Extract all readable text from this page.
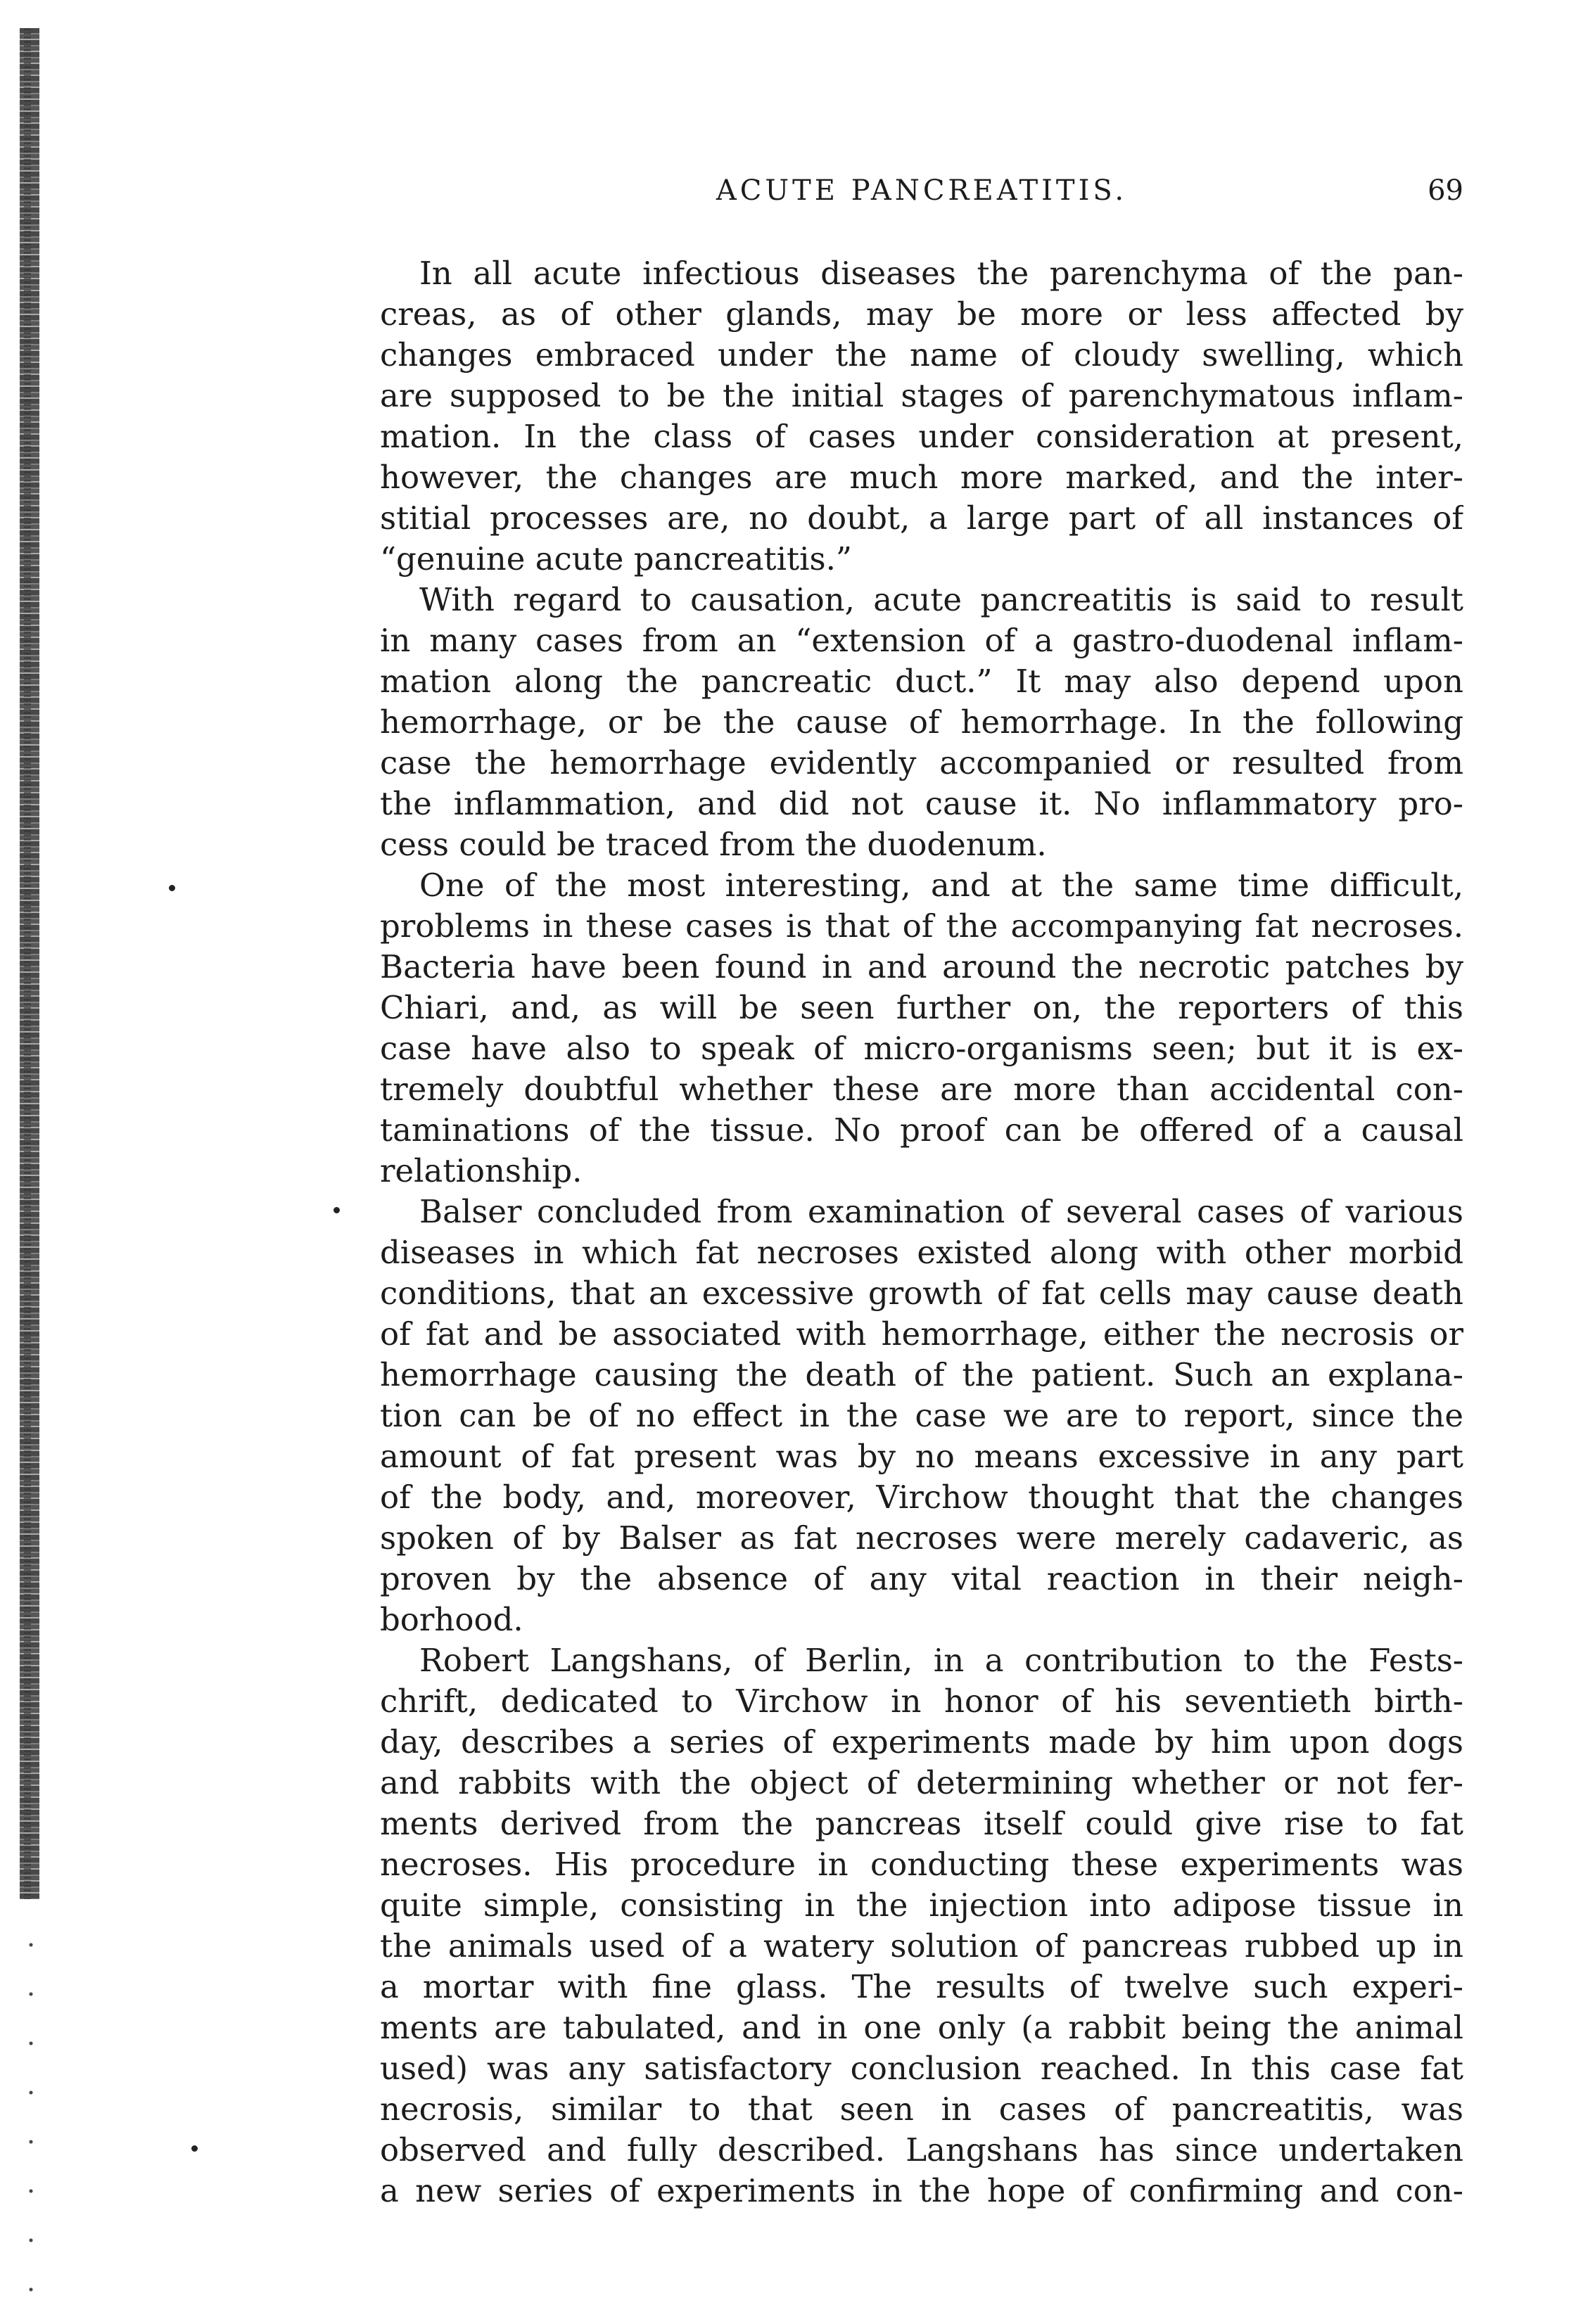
ACUTE PANCREATITIS.	69
In all acute infectious diseases the parenchyma of the pan-
creas, as of other glands, may be more or less affected by
changes embraced under the name of cloudy swelling, which
are supposed to be the initial stages of parenchymatous inflam-
mation. In the class of cases under consideration at present,
however, the changes are much more marked, and the inter-
stitial processes are, no doubt, a large part of all instances of
“genuine acute pancreatitis.”
With regard to causation, acute pancreatitis is said to result
in many cases from an “extension of a gastro-duodenal inflam-
mation along the pancreatic duct.” It may also depend upon
hemorrhage, or be the cause of hemorrhage. In the following
case the hemorrhage evidently accompanied or resulted from
the inflammation, and did not cause it. No inflammatory pro-
cess could be traced from the duodenum.
One of the most interesting, and at the same time difficult,
problems in these cases is that of the accompanying fat necroses.
Bacteria have been found in and around the necrotic patches by
Chiari, and, as will be seen further on, the reporters of this
case have also to speak of micro-organisms seen; but it is ex-
tremely doubtful whether these are more than accidental con-
taminations of the tissue. No proof can be offered of a causal
relationship.
Balser concluded from examination of several cases of various
diseases in which fat necroses existed along with other morbid
conditions, that an excessive growth of fat cells may cause death
of fat and be associated with hemorrhage, either the necrosis or
hemorrhage causing the death of the patient. Such an explana-
tion can be of no effect in the case we are to report, since the
amount of fat present was by no means excessive in any part
of the body, and, moreover, Virchow thought that the changes
spoken of by Balser as fat necroses were merely cadaveric, as
proven by the absence of any vital reaction in their neigh-
borhood.
Robert Langshans, of Berlin, in a contribution to the Fests-
chrift, dedicated to Virchow in honor of his seventieth birth-
day, describes a series of experiments made by him upon dogs
and rabbits with the object of determining whether or not fer-
ments derived from the pancreas itself could give rise to fat
necroses. His procedure in conducting these experiments was
quite simple, consisting in the injection into adipose tissue in
the animals used of a watery solution of pancreas rubbed up in
a mortar with fine glass. The results of twelve such experi-
ments are tabulated, and in one only (a rabbit being the animal
used) was any satisfactory conclusion reached. In this case fat
necrosis, similar to that seen in cases of pancreatitis, was
observed and fully described. Langshans has since undertaken
a new series of experiments in the hope of confirming and con-
